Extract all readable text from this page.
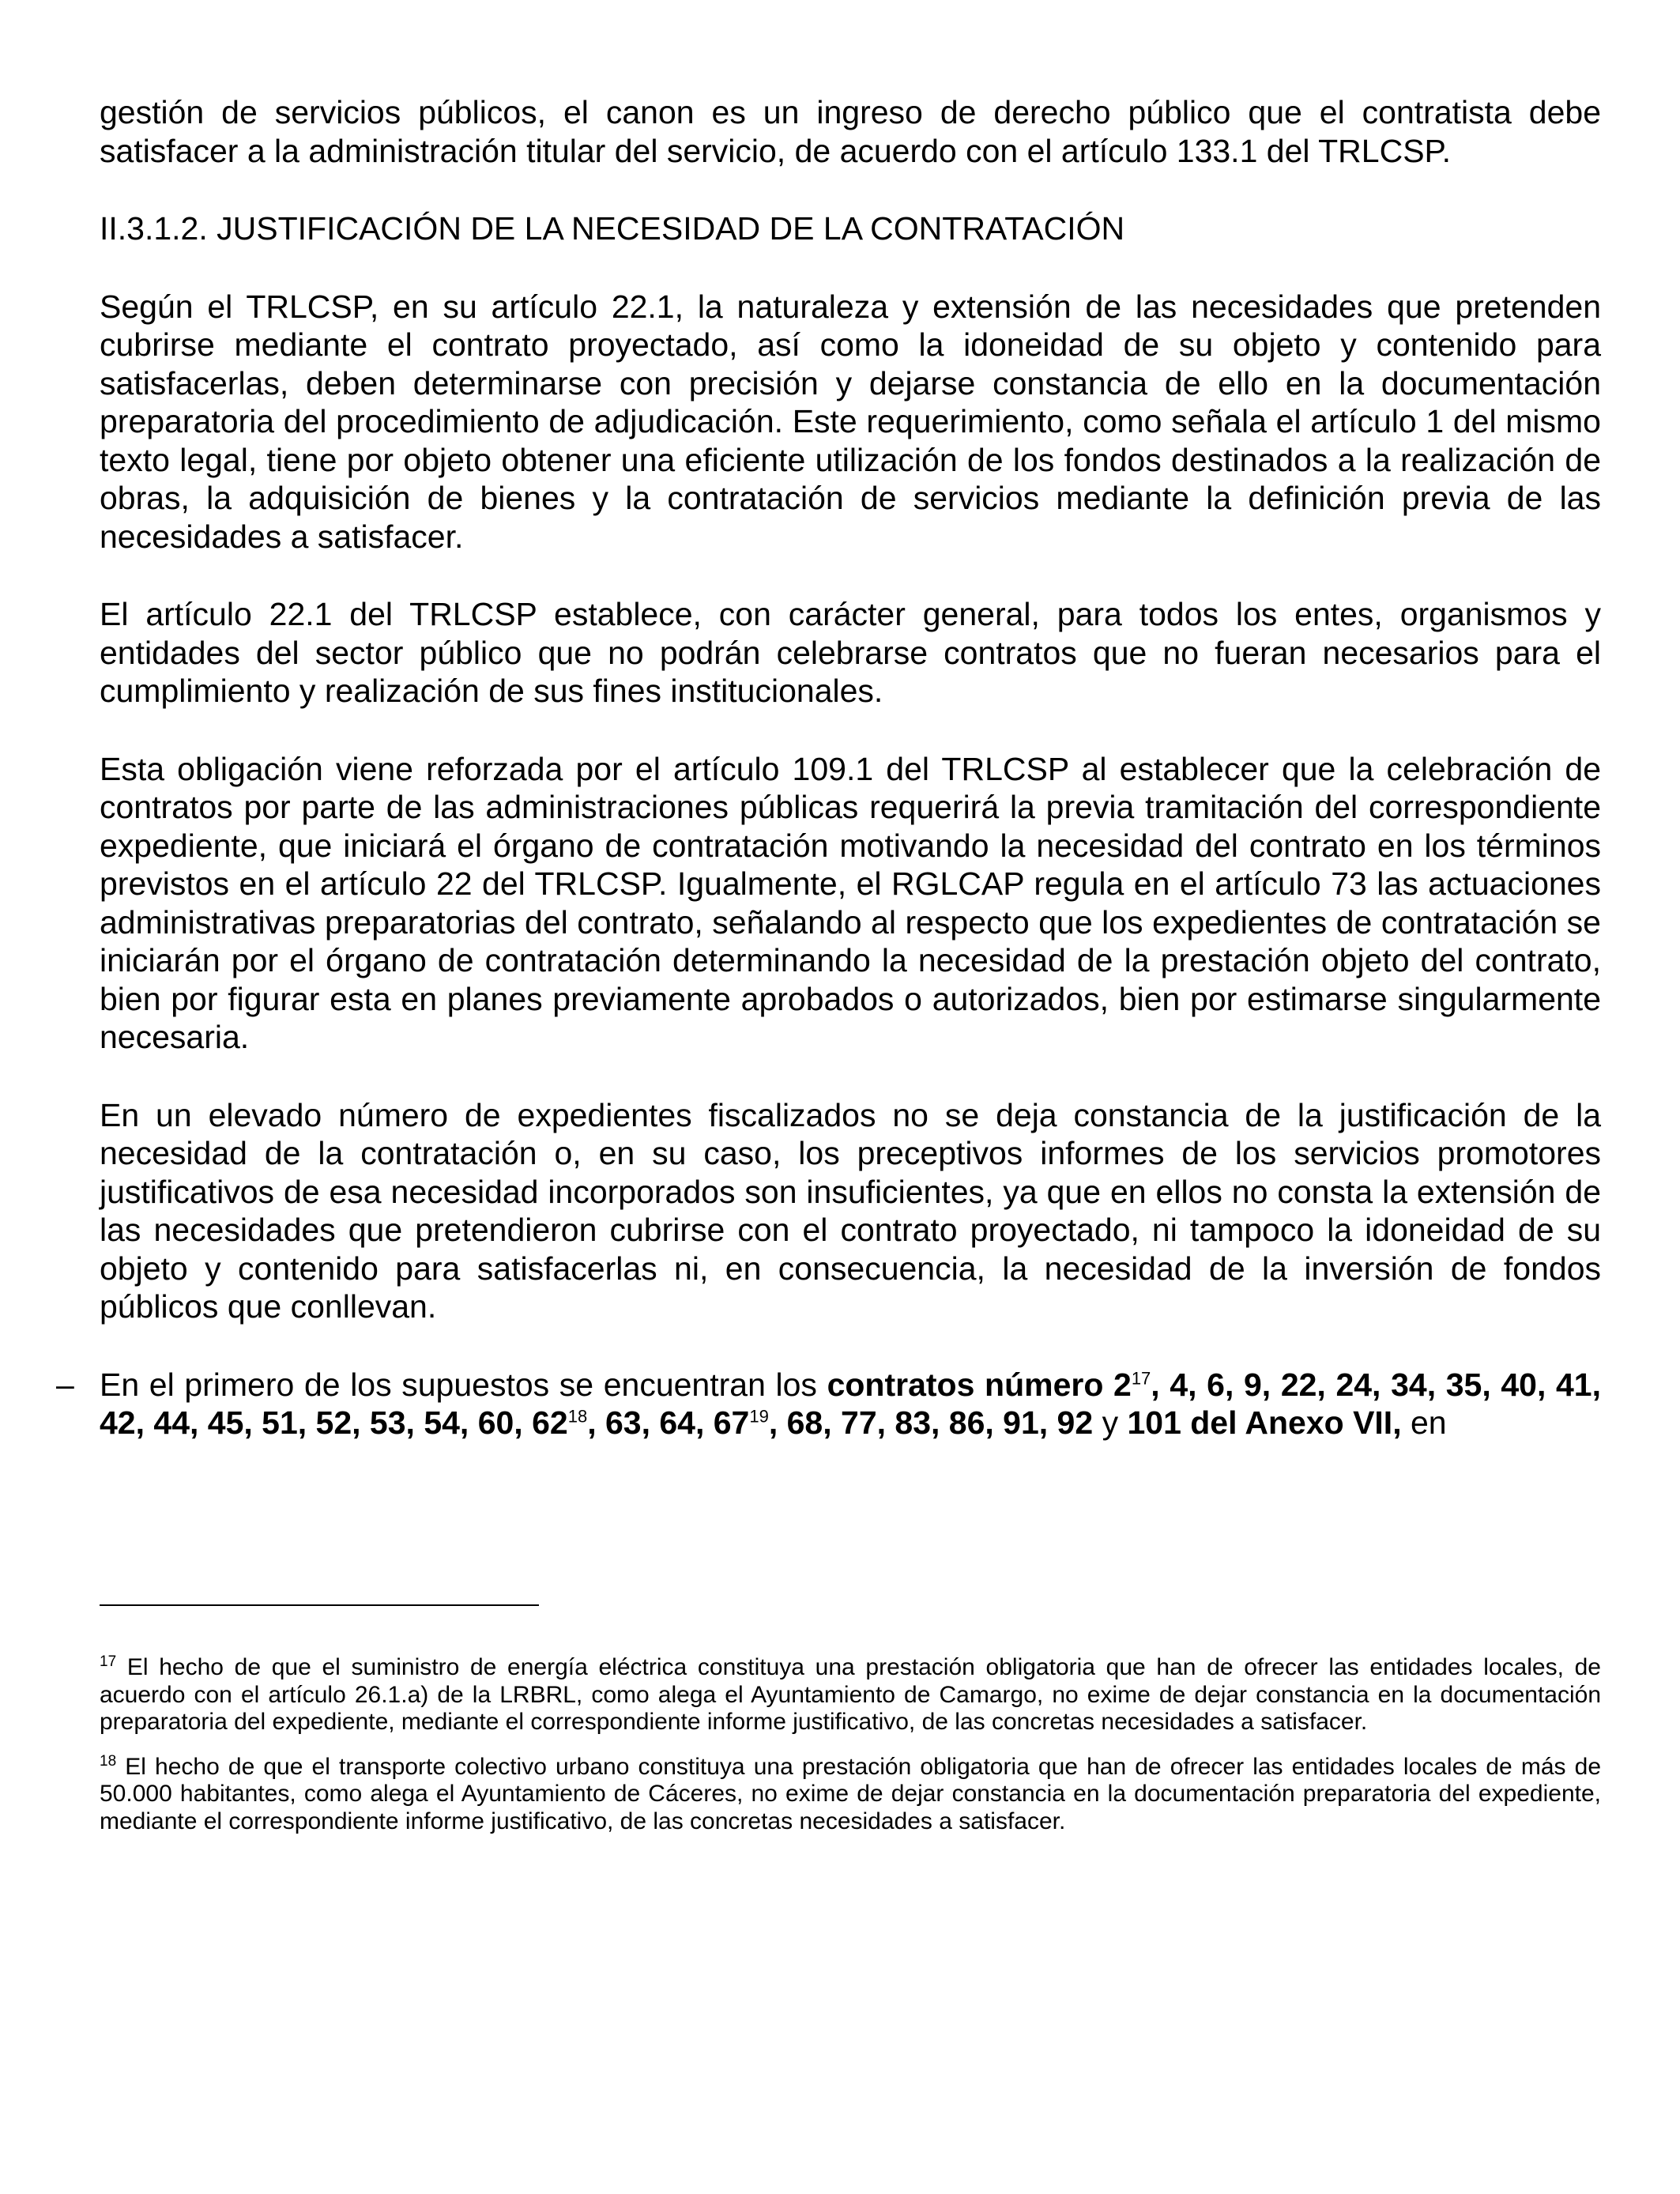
gestión de servicios públicos, el canon es un ingreso de derecho público que el contratista debe satisfacer a la administración titular del servicio, de acuerdo con el artículo 133.1 del TRLCSP.

II.3.1.2. JUSTIFICACIÓN DE LA NECESIDAD DE LA CONTRATACIÓN

Según el TRLCSP, en su artículo 22.1, la naturaleza y extensión de las necesidades que pretenden cubrirse mediante el contrato proyectado, así como la idoneidad de su objeto y contenido para satisfacerlas, deben determinarse con precisión y dejarse constancia de ello en la documentación preparatoria del procedimiento de adjudicación. Este requerimiento, como señala el artículo 1 del mismo texto legal, tiene por objeto obtener una eficiente utilización de los fondos destinados a la realización de obras, la adquisición de bienes y la contratación de servicios mediante la definición previa de las necesidades a satisfacer.

El artículo 22.1 del TRLCSP establece, con carácter general, para todos los entes, organismos y entidades del sector público que no podrán celebrarse contratos que no fueran necesarios para el cumplimiento y realización de sus fines institucionales.

Esta obligación viene reforzada por el artículo 109.1 del TRLCSP al establecer que la celebración de contratos por parte de las administraciones públicas requerirá la previa tramitación del correspondiente expediente, que iniciará el órgano de contratación motivando la necesidad del contrato en los términos previstos en el artículo 22 del TRLCSP. Igualmente, el RGLCAP regula en el artículo 73 las actuaciones administrativas preparatorias del contrato, señalando al respecto que los expedientes de contratación se iniciarán por el órgano de contratación determinando la necesidad de la prestación objeto del contrato, bien por figurar esta en planes previamente aprobados o autorizados, bien por estimarse singularmente necesaria.

En un elevado número de expedientes fiscalizados no se deja constancia de la justificación de la necesidad de la contratación o, en su caso, los preceptivos informes de los servicios promotores justificativos de esa necesidad incorporados son insuficientes, ya que en ellos no consta la extensión de las necesidades que pretendieron cubrirse con el contrato proyectado, ni tampoco la idoneidad de su objeto y contenido para satisfacerlas ni, en consecuencia, la necesidad de la inversión de fondos públicos que conllevan.

– En el primero de los supuestos se encuentran los contratos número 2$^{17}$, 4, 6, 9, 22, 24, 34, 35, 40, 41, 42, 44, 45, 51, 52, 53, 54, 60, 62$^{18}$, 63, 64, 67$^{19}$, 68, 77, 83, 86, 91, 92 y 101 del Anexo VII, en

$^{17}$ El hecho de que el suministro de energía eléctrica constituya una prestación obligatoria que han de ofrecer las entidades locales, de acuerdo con el artículo 26.1.a) de la LRBRL, como alega el Ayuntamiento de Camargo, no exime de dejar constancia en la documentación preparatoria del expediente, mediante el correspondiente informe justificativo, de las concretas necesidades a satisfacer.

$^{18}$ El hecho de que el transporte colectivo urbano constituya una prestación obligatoria que han de ofrecer las entidades locales de más de 50.000 habitantes, como alega el Ayuntamiento de Cáceres, no exime de dejar constancia en la documentación preparatoria del expediente, mediante el correspondiente informe justificativo, de las concretas necesidades a satisfacer.
